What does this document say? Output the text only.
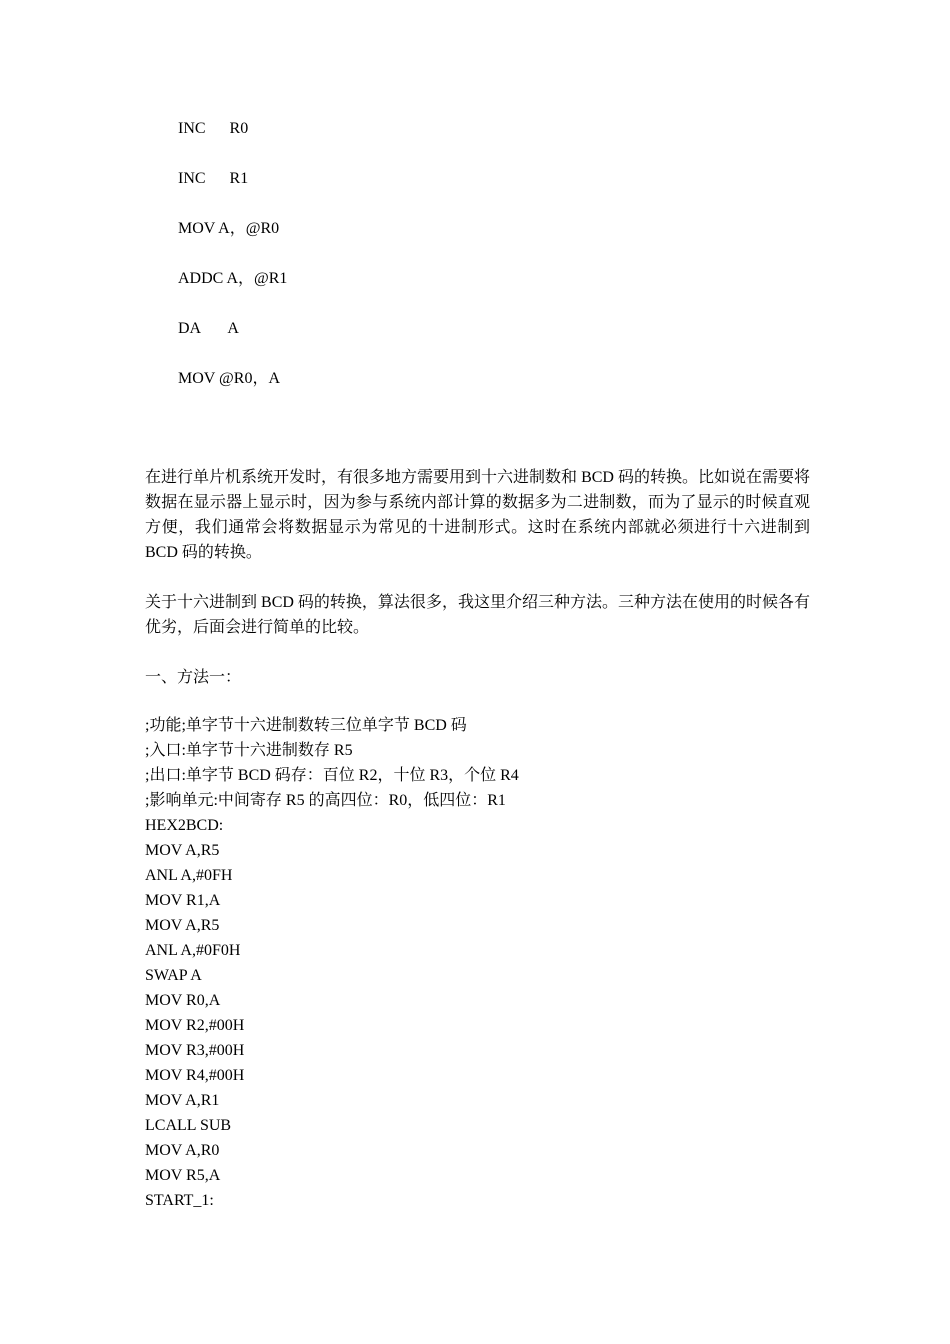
INC      R0
INC      R1
MOV A，@R0
ADDC A，@R1
DA       A
MOV @R0，A

在进行单片机系统开发时，有很多地方需要用到十六进制数和 BCD 码的转换。比如说在需要将数据在显示器上显示时，因为参与系统内部计算的数据多为二进制数，而为了显示的时候直观方便，我们通常会将数据显示为常见的十进制形式。这时在系统内部就必须进行十六进制到 BCD 码的转换。

关于十六进制到 BCD 码的转换，算法很多，我这里介绍三种方法。三种方法在使用的时候各有优劣，后面会进行简单的比较。

一、方法一：

;功能;单字节十六进制数转三位单字节 BCD 码
;入口:单字节十六进制数存 R5
;出口:单字节 BCD 码存：百位 R2，十位 R3，个位 R4
;影响单元:中间寄存 R5 的高四位：R0，低四位：R1
HEX2BCD:
MOV A,R5
ANL A,#0FH
MOV R1,A
MOV A,R5
ANL A,#0F0H
SWAP A
MOV R0,A
MOV R2,#00H
MOV R3,#00H
MOV R4,#00H
MOV A,R1
LCALL SUB
MOV A,R0
MOV R5,A
START_1:
